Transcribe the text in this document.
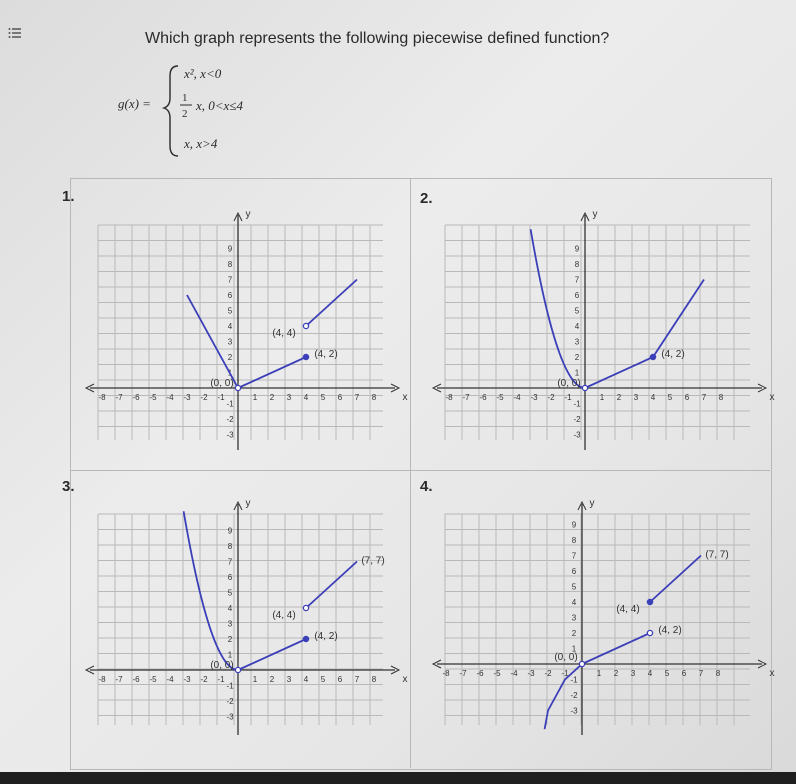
Which graph represents the following piecewise defined function?
g(x) =
x², x<0
1
2
x, 0<x≤4
x, x>4
1.	2.
3.	4.
y
x
-8 -7 -6 -5 -4 -3 -2 -1	1 2 3 4 5 6 7 8
-3
-2
-1
1
2
3
4
5
6
7
8
9
y
x
-8 -7 -6 -5 -4 -3 -2 -1	1 2 3 4 5 6 7 8
-3
-2
-1
1
2
3
4
5
6
7
8
9
y
x
-8 -7 -6 -5 -4 -3 -2 -1	1 2 3 4 5 6 7 8
-3
-2
-1
1
2
3
4
5
6
7
8
9
y
x
-8 -7 -6 -5 -4 -3 -2 -1	1 2 3 4 5 6 7 8
-3
-2
-1
1
2
3
4
5
6
7
8
9
(4, 4)
(4, 2)
(0, 0)
(4, 2)
(0, 0)
(7, 7)
(4, 4)
(4, 2)
(0, 0)
(7, 7)
(4, 4)
(4, 2)
(0, 0)
